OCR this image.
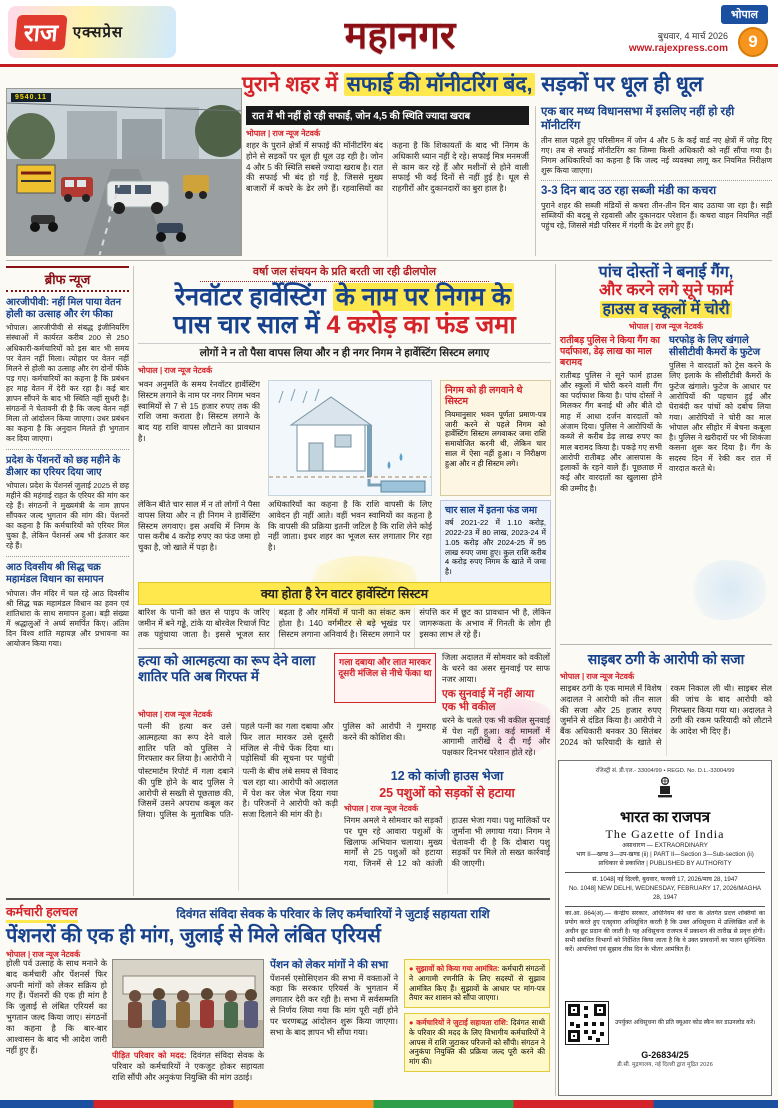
राज एक्सप्रेस	महानगर	भोपाल
बुधवार, 4 मार्च 2026
www.rajexpress.com	9
पुराने शहर में सफाई की मॉनीटरिंग बंद, सड़कों पर धूल ही धूल
9540.11
रात में भी नहीं हो रही सफाई, जोन 4,5 की स्थिति ज्यादा खराब
भोपाल | राज न्यूज नेटवर्क
शहर के पुराने क्षेत्रों में सफाई की मॉनीटरिंग बंद होने से सड़कों पर धूल ही धूल उड़ रही है। जोन 4 और 5 की स्थिति सबसे ज्यादा खराब है। रात की सफाई भी बंद हो गई है, जिससे मुख्य बाजारों में कचरे के ढेर लगे हैं। रहवासियों का कहना है कि शिकायतों के बाद भी निगम के अधिकारी ध्यान नहीं दे रहे। सफाई मित्र मनमर्जी से काम कर रहे हैं और मशीनों से होने वाली सफाई भी कई दिनों से नहीं हुई है। धूल से राहगीरों और दुकानदारों का बुरा हाल है।
एक बार मध्य विधानसभा में इसलिए नहीं हो रही मॉनीटरिंग
तीन साल पहले हुए परिसीमन में जोन 4 और 5 के कई वार्ड नए क्षेत्रों में जोड़ दिए गए। तब से सफाई मॉनीटरिंग का जिम्मा किसी अधिकारी को नहीं सौंपा गया है। निगम अधिकारियों का कहना है कि जल्द नई व्यवस्था लागू कर नियमित निरीक्षण शुरू किया जाएगा।
3-3 दिन बाद उठ रहा सब्जी मंडी का कचरा
पुराने शहर की सब्जी मंडियों से कचरा तीन-तीन दिन बाद उठाया जा रहा है। सड़ी सब्जियों की बदबू से रहवासी और दुकानदार परेशान हैं। कचरा वाहन नियमित नहीं पहुंच रहे, जिससे मंडी परिसर में गंदगी के ढेर लगे हुए हैं।
ब्रीफ न्यूज
आरजीपीवी: नहीं मिल पाया वेतन होली का उत्साह और रंग फीका
भोपाल। आरजीपीवी से संबद्ध इंजीनियरिंग संस्थाओं में कार्यरत करीब 200 से 250 अधिकारी-कर्मचारियों को इस बार भी समय पर वेतन नहीं मिला। त्योहार पर वेतन नहीं मिलने से होली का उत्साह और रंग दोनों फीके पड़ गए। कर्मचारियों का कहना है कि प्रबंधन हर माह वेतन में देरी कर रहा है। कई बार ज्ञापन सौंपने के बाद भी स्थिति नहीं सुधरी है। संगठनों ने चेतावनी दी है कि जल्द वेतन नहीं मिला तो आंदोलन किया जाएगा। उधर प्रबंधन का कहना है कि अनुदान मिलते ही भुगतान कर दिया जाएगा।
प्रदेश के पेंशनरों को छह महीने के डीआर का एरियर दिया जाए
भोपाल। प्रदेश के पेंशनर्स जुलाई 2025 से छह महीने की महंगाई राहत के एरियर की मांग कर रहे हैं। संगठनों ने मुख्यमंत्री के नाम ज्ञापन सौंपकर जल्द भुगतान की मांग की। पेंशनरों का कहना है कि कर्मचारियों को एरियर मिल चुका है, लेकिन पेंशनर्स अब भी इंतजार कर रहे हैं।
आठ दिवसीय श्री सिद्ध चक्र महामंडल विधान का समापन
भोपाल। जैन मंदिर में चल रहे आठ दिवसीय श्री सिद्ध चक्र महामंडल विधान का हवन एवं शांतिधारा के साथ समापन हुआ। बड़ी संख्या में श्रद्धालुओं ने अर्घ्य समर्पित किए। अंतिम दिन विश्व शांति महायज्ञ और प्रभावना का आयोजन किया गया।
वर्षा जल संचयन के प्रति बरती जा रही ढीलपोल
रेनवॉटर हार्वेस्टिंग के नाम पर निगम के
पास चार साल में 4 करोड़ का फंड जमा
लोगों ने न तो पैसा वापस लिया और न ही नगर निगम ने हार्वेस्टिंग सिस्टम लगाए
भोपाल | राज न्यूज नेटवर्क
भवन अनुमति के समय रेनवॉटर हार्वेस्टिंग सिस्टम लगाने के नाम पर नगर निगम भवन स्वामियों से 7 से 15 हजार रुपए तक की राशि जमा कराता है। सिस्टम लगाने के बाद यह राशि वापस लौटाने का प्रावधान है।
निगम को ही लगवाने थे सिस्टम
नियमानुसार भवन पूर्णता प्रमाण-पत्र जारी करने से पहले निगम को हार्वेस्टिंग सिस्टम लगवाकर जमा राशि समायोजित करनी थी, लेकिन चार साल में ऐसा नहीं हुआ। न निरीक्षण हुआ और न ही सिस्टम लगे।
लेकिन बीते चार साल में न तो लोगों ने पैसा वापस लिया और न ही निगम ने हार्वेस्टिंग सिस्टम लगवाए। इस अवधि में निगम के पास करीब 4 करोड़ रुपए का फंड जमा हो चुका है, जो खाते में पड़ा है।
अधिकारियों का कहना है कि राशि वापसी के लिए आवेदन ही नहीं आते। वहीं भवन स्वामियों का कहना है कि वापसी की प्रक्रिया इतनी जटिल है कि राशि लेने कोई नहीं जाता। इधर शहर का भूजल स्तर लगातार गिर रहा है।
चार साल में इतना फंड जमा
वर्ष 2021-22 में 1.10 करोड़, 2022-23 में 80 लाख, 2023-24 में 1.05 करोड़ और 2024-25 में 95 लाख रुपए जमा हुए। कुल राशि करीब 4 करोड़ रुपए निगम के खाते में जमा है।
क्या होता है रेन वाटर हार्वेस्टिंग सिस्टम
बारिश के पानी को छत से पाइप के जरिए जमीन में बने गड्ढे, टांके या बोरवेल रिचार्ज पिट तक पहुंचाया जाता है। इससे भूजल स्तर बढ़ता है और गर्मियों में पानी का संकट कम होता है। 140 वर्गमीटर से बड़े भूखंड पर सिस्टम लगाना अनिवार्य है। सिस्टम लगाने पर संपत्ति कर में छूट का प्रावधान भी है, लेकिन जागरूकता के अभाव में गिनती के लोग ही इसका लाभ ले रहे हैं।
हत्या को आत्महत्या का रूप देने वाला शातिर पति अब गिरफ्त में
गला दबाया और लात मारकर दूसरी मंजिल से नीचे फेंका था
जिला अदालत में सोमवार को वकीलों के धरने का असर सुनवाई पर साफ नजर आया।
एक सुनवाई में नहीं आया एक भी वकील
धरने के चलते एक भी वकील सुनवाई में पेश नहीं हुआ। कई मामलों में आगामी तारीखें दे दी गईं और पक्षकार दिनभर परेशान होते रहे।
भोपाल | राज न्यूज नेटवर्क
पत्नी की हत्या कर उसे आत्महत्या का रूप देने वाले शातिर पति को पुलिस ने गिरफ्तार कर लिया है। आरोपी ने पहले पत्नी का गला दबाया और फिर लात मारकर उसे दूसरी मंजिल से नीचे फेंक दिया था। पड़ोसियों की सूचना पर पहुंची पुलिस को आरोपी ने गुमराह करने की कोशिश की।
पोस्टमार्टम रिपोर्ट में गला दबाने की पुष्टि होने के बाद पुलिस ने आरोपी से सख्ती से पूछताछ की, जिसमें उसने अपराध कबूल कर लिया। पुलिस के मुताबिक पति-पत्नी के बीच लंबे समय से विवाद चल रहा था। आरोपी को अदालत में पेश कर जेल भेज दिया गया है। परिजनों ने आरोपी को कड़ी सजा दिलाने की मांग की है।
12 को कांजी हाउस भेजा
25 पशुओं को सड़कों से हटाया
भोपाल | राज न्यूज नेटवर्क
निगम अमले ने सोमवार को सड़कों पर घूम रहे आवारा पशुओं के खिलाफ अभियान चलाया। मुख्य मार्गों से 25 पशुओं को हटाया गया, जिनमें से 12 को कांजी हाउस भेजा गया। पशु मालिकों पर जुर्माना भी लगाया गया। निगम ने चेतावनी दी है कि दोबारा पशु सड़कों पर मिले तो सख्त कार्रवाई की जाएगी।
पांच दोस्तों ने बनाई गैंग,
और करने लगे सूने फार्म
हाउस व स्कूलों में चोरी
भोपाल | राज न्यूज नेटवर्क
रातीबड़ पुलिस ने किया गैंग का पर्दाफाश, डेढ़ लाख का माल बरामद
रातीबड़ पुलिस ने सूने फार्म हाउस और स्कूलों में चोरी करने वाली गैंग का पर्दाफाश किया है। पांच दोस्तों ने मिलकर गैंग बनाई थी और बीते दो माह में आधा दर्जन वारदातों को अंजाम दिया। पुलिस ने आरोपियों के कब्जे से करीब डेढ़ लाख रुपए का माल बरामद किया है। पकड़े गए सभी आरोपी रातीबड़ और आसपास के इलाकों के रहने वाले हैं। पूछताछ में कई और वारदातों का खुलासा होने की उम्मीद है।
घरफोड़ के लिए खंगाले सीसीटीवी कैमरों के फुटेज
पुलिस ने वारदातों को ट्रेस करने के लिए इलाके के सीसीटीवी कैमरों के फुटेज खंगाले। फुटेज के आधार पर आरोपियों की पहचान हुई और घेराबंदी कर पांचों को दबोच लिया गया। आरोपियों ने चोरी का माल भोपाल और सीहोर में बेचना कबूला है। पुलिस ने खरीदारों पर भी शिकंजा कसना शुरू कर दिया है। गैंग के सदस्य दिन में रेकी कर रात में वारदात करते थे।
साइबर ठगी के आरोपी को सजा
भोपाल | राज न्यूज नेटवर्क
साइबर ठगी के एक मामले में विशेष अदालत ने आरोपी को तीन साल की सजा और 25 हजार रुपए जुर्माने से दंडित किया है। आरोपी ने बैंक अधिकारी बनकर 30 सितंबर 2024 को फरियादी के खाते से रकम निकाल ली थी। साइबर सेल की जांच के बाद आरोपी को गिरफ्तार किया गया था। अदालत ने ठगी की रकम फरियादी को लौटाने के आदेश भी दिए हैं।
रजिस्ट्री सं. डी.एल.- 33004/99 • REGD. No. D.L.-33004/99
भारत का राजपत्र
The Gazette of India
असाधारण — EXTRAORDINARY
भाग II—खण्ड 3—उप-खण्ड (ii) | PART II—Section 3—Sub-section (ii)
प्राधिकार से प्रकाशित | PUBLISHED BY AUTHORITY
सं. 1048] नई दिल्ली, बुधवार, फरवरी 17, 2026/माघ 28, 1947
No. 1048] NEW DELHI, WEDNESDAY, FEBRUARY 17, 2026/MAGHA 28, 1947
का.आ. 864(अ).— केन्द्रीय सरकार, अधिनियम की धारा के अंतर्गत प्रदत्त शक्तियों का प्रयोग करते हुए एतद्द्वारा अधिसूचित करती है कि उक्त अधिसूचना में उल्लिखित शर्तों के अधीन छूट प्रदान की जाती है। यह अधिसूचना राजपत्र में प्रकाशन की तारीख से प्रवृत्त होगी। सभी संबंधित विभागों को निर्देशित किया जाता है कि वे उक्त प्रावधानों का पालन सुनिश्चित करें। आपत्तियां एवं सुझाव तीस दिन के भीतर आमंत्रित हैं।
उपर्युक्त अधिसूचना की प्रति क्यूआर कोड स्कैन कर डाउनलोड करें।
G-26834/25
डी.सी. मुद्रणालय, नई दिल्ली द्वारा मुद्रित 2026
कर्मचारी हलचल	दिवंगत संविदा सेवक के परिवार के लिए कर्मचारियों ने जुटाई सहायता राशि
पेंशनरों की एक ही मांग, जुलाई से मिले लंबित एरियर्स
भोपाल | राज न्यूज नेटवर्क
होली पर्व उत्साह के साथ मनाने के बाद कर्मचारी और पेंशनर्स फिर अपनी मांगों को लेकर सक्रिय हो गए हैं। पेंशनरों की एक ही मांग है कि जुलाई से लंबित एरियर्स का भुगतान जल्द किया जाए। संगठनों का कहना है कि बार-बार आश्वासन के बाद भी आदेश जारी नहीं हुए हैं।
पीड़ित परिवार को मदद: दिवंगत संविदा सेवक के परिवार को कर्मचारियों ने एकजुट होकर सहायता राशि सौंपी और अनुकंपा नियुक्ति की मांग उठाई।
पेंशन को लेकर मांगों ने की सभा
पेंशनर्स एसोसिएशन की सभा में वक्ताओं ने कहा कि सरकार एरियर्स के भुगतान में लगातार देरी कर रही है। सभा में सर्वसम्मति से निर्णय लिया गया कि मांग पूरी नहीं होने पर चरणबद्ध आंदोलन शुरू किया जाएगा। सभा के बाद ज्ञापन भी सौंपा गया।
● सुझावों को किया गया आमंत्रित: कर्मचारी संगठनों ने आगामी रणनीति के लिए सदस्यों से सुझाव आमंत्रित किए हैं। सुझावों के आधार पर मांग-पत्र तैयार कर शासन को सौंपा जाएगा।
● कर्मचारियों ने जुटाई सहायता राशि: दिवंगत साथी के परिवार की मदद के लिए विभागीय कर्मचारियों ने आपस में राशि जुटाकर परिजनों को सौंपी। संगठन ने अनुकंपा नियुक्ति की प्रक्रिया जल्द पूरी करने की मांग की।
